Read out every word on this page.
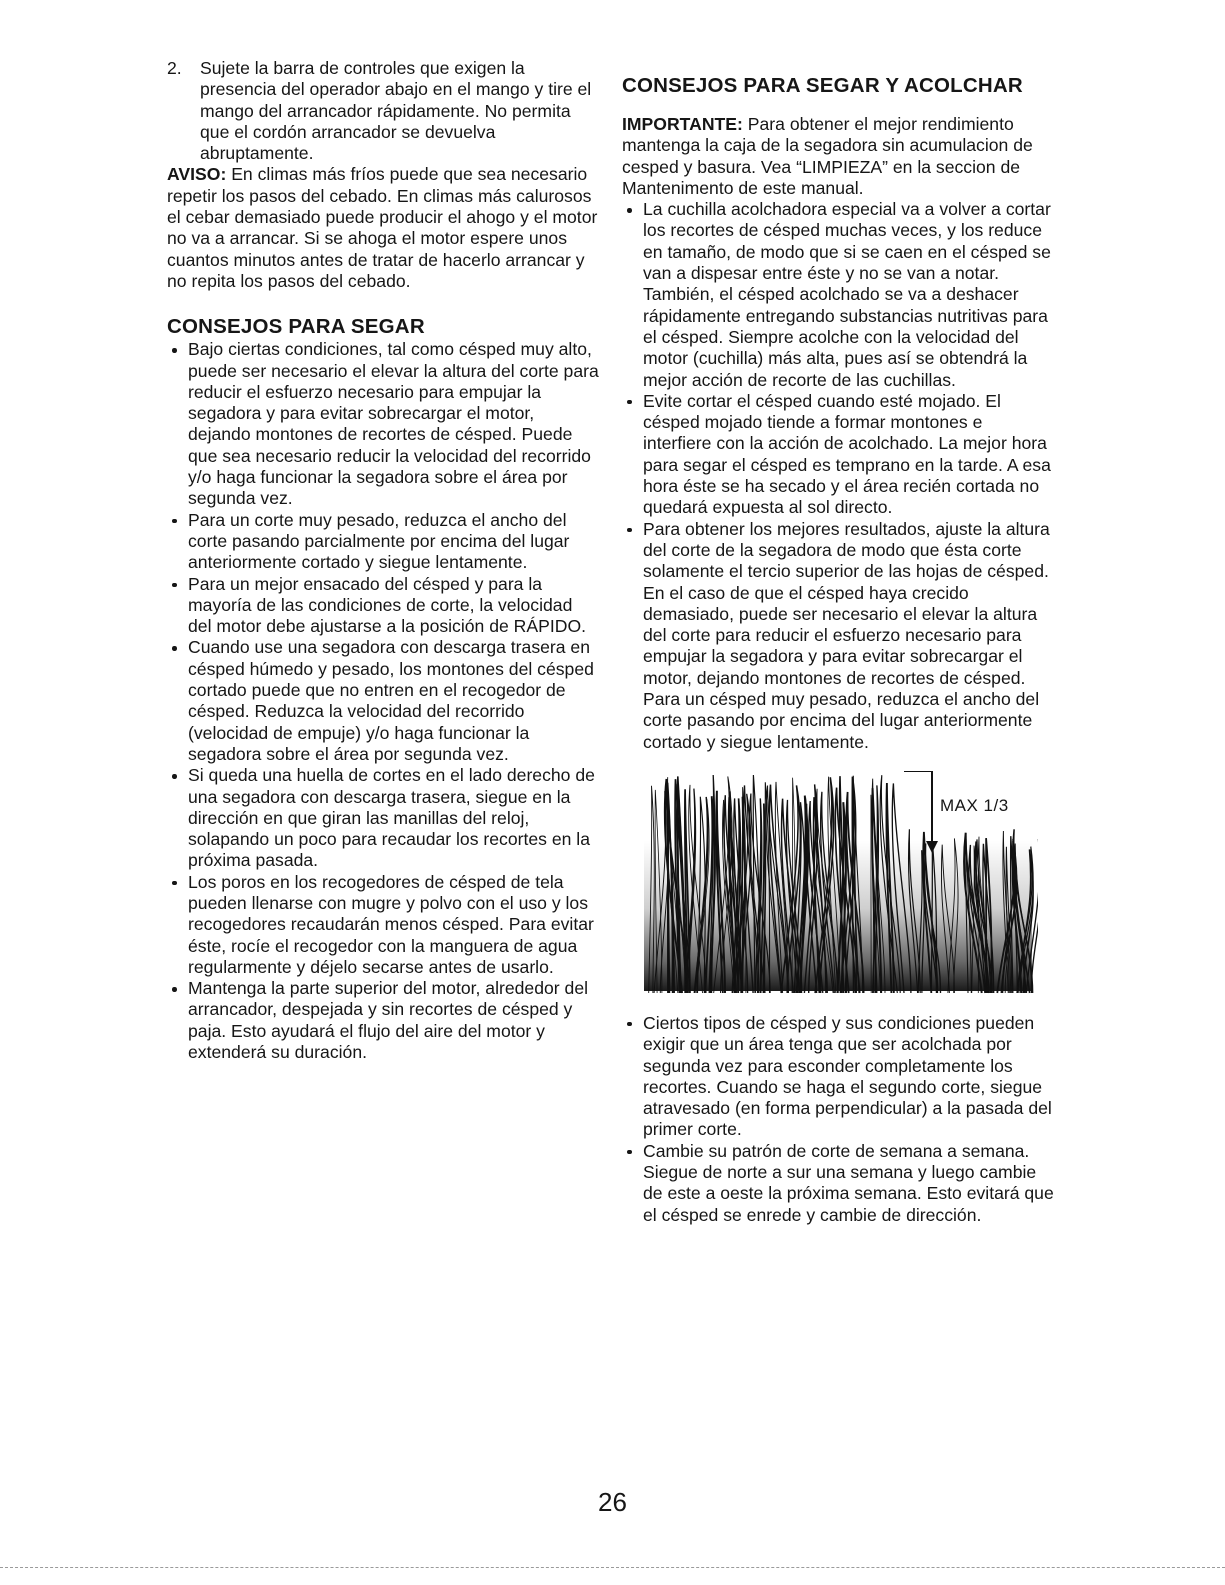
2. Sujete la barra de controles que exigen la presencia del operador abajo en el mango y tire el mango del arrancador rápidamente. No permita que el cordón arrancador se devuelva abruptamente.

AVISO: En climas más fríos puede que sea necesario repetir los pasos del cebado. En climas más calurosos el cebar demasiado puede producir el ahogo y el motor no va a arrancar. Si se ahoga el motor espere unos cuantos minutos antes de tratar de hacerlo arrancar y no repita los pasos del cebado.

CONSEJOS PARA SEGAR
Bajo ciertas condiciones, tal como césped muy alto, puede ser necesario el elevar la altura del corte para reducir el esfuerzo necesario para empujar la segadora y para evitar sobrecargar el motor, dejando montones de recortes de césped. Puede que sea necesario reducir la velocidad del recorrido y/o haga funcionar la segadora sobre el área por segunda vez.
Para un corte muy pesado, reduzca el ancho del corte pasando parcialmente por encima del lugar anteriormente cortado y siegue lentamente.
Para un mejor ensacado del césped y para la mayoría de las condiciones de corte, la velocidad del motor debe ajustarse a la posición de RÁPIDO.
Cuando use una segadora con descarga trasera en césped húmedo y pesado, los montones del césped cortado puede que no entren en el recogedor de césped. Reduzca la velocidad del recorrido (velocidad de empuje) y/o haga funcionar la segadora sobre el área por segunda vez.
Si queda una huella de cortes en el lado derecho de una segadora con descarga trasera, siegue en la dirección en que giran las manillas del reloj, solapando un poco para recaudar los recortes en la próxima pasada.
Los poros en los recogedores de césped de tela pueden llenarse con mugre y polvo con el uso y los recogedores recaudarán menos césped. Para evitar éste, rocíe el recogedor con la manguera de agua regularmente y déjelo secarse antes de usarlo.
Mantenga la parte superior del motor, alrededor del arrancador, despejada y sin recortes de césped y paja. Esto ayudará el flujo del aire del motor y extenderá su duración.
CONSEJOS PARA SEGAR Y ACOLCHAR

IMPORTANTE: Para obtener el mejor rendimiento mantenga la caja de la segadora sin acumulacion de cesped y basura. Vea “LIMPIEZA” en la seccion de Mantenimento de este manual.

La cuchilla acolchadora especial va a volver a cortar los recortes de césped muchas veces, y los reduce en tamaño, de modo que si se caen en el césped se van a dispesar entre éste y no se van a notar. También, el césped acolchado se va a deshacer rápidamente entregando substancias nutritivas para el césped. Siempre acolche con la velocidad del motor (cuchilla) más alta, pues así se obtendrá la mejor acción de recorte de las cuchillas.
Evite cortar el césped cuando esté mojado. El césped mojado tiende a formar montones e interfiere con la acción de acolchado. La mejor hora para segar el césped es temprano en la tarde. A esa hora éste se ha secado y el área recién cortada no quedará expuesta al sol directo.
Para obtener los mejores resultados, ajuste la altura del corte de la segadora de modo que ésta corte solamente el tercio superior de las hojas de césped. En el caso de que el césped haya crecido demasiado, puede ser necesario el elevar la altura del corte para reducir el esfuerzo necesario para empujar la segadora y para evitar sobrecargar el motor, dejando montones de recortes de césped. Para un césped muy pesado, reduzca el ancho del corte pasando por encima del lugar anteriormente cortado y siegue lentamente.
MAX 1/3
Ciertos tipos de césped y sus condiciones pueden exigir que un área tenga que ser acolchada por segunda vez para esconder completamente los recortes. Cuando se haga el segundo corte, siegue atravesado (en forma perpendicular) a la pasada del primer corte.
Cambie su patrón de corte de semana a semana. Siegue de norte a sur una semana y luego cambie de este a oeste la próxima semana. Esto evitará que el césped se enrede y cambie de dirección.
26
